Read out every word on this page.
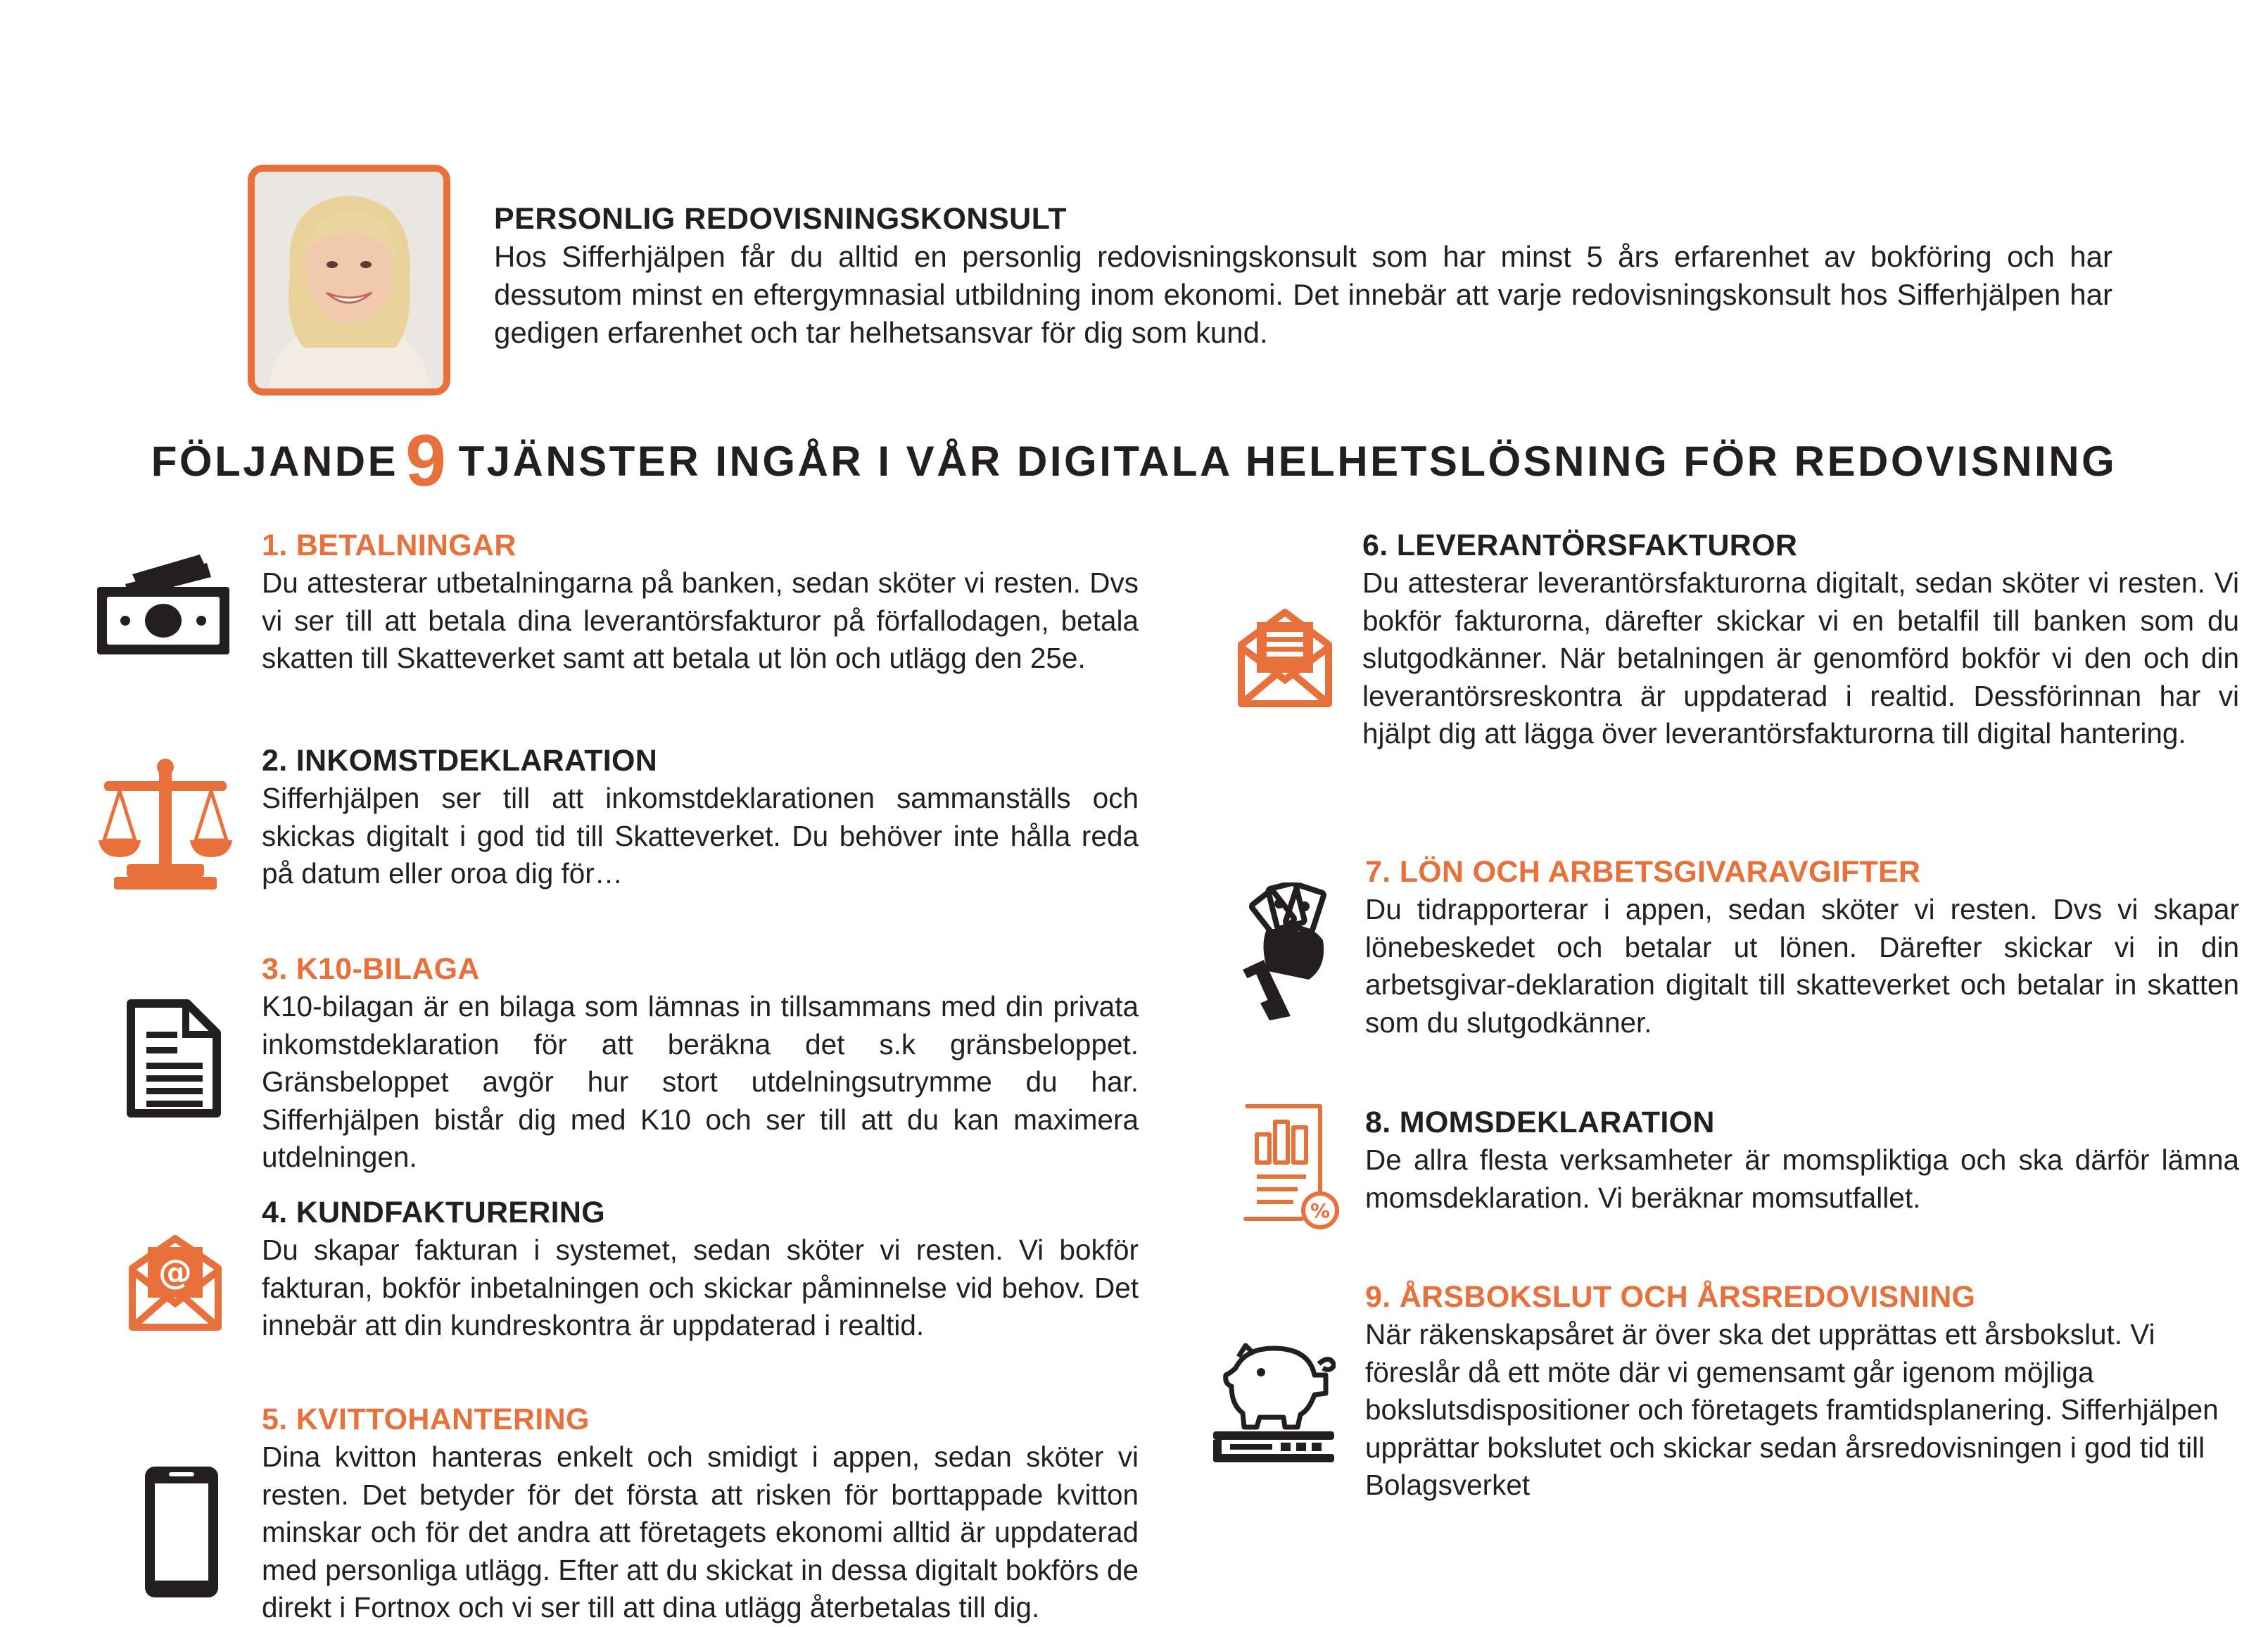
PERSONLIG REDOVISNINGSKONSULT

Hos Sifferhjälpen får du alltid en personlig redovisningskonsult som har minst 5 års erfarenhet av bokföring och har dessutom minst en eftergymnasial utbildning inom ekonomi. Det innebär att varje redovisningskonsult hos Sifferhjälpen har gedigen erfarenhet och tar helhetsansvar för dig som kund.

FÖLJANDE9 TJÄNSTER INGÅR I VÅR DIGITALA HELHETSLÖSNING FÖR REDOVISNING
1. BETALNINGAR

Du attesterar utbetalningarna på banken, sedan sköter vi resten. Dvs vi ser till att betala dina leverantörsfakturor på förfallodagen, betala skatten till Skatteverket samt att betala ut lön och utlägg den 25e.

2. INKOMSTDEKLARATION

Sifferhjälpen ser till att inkomstdeklarationen sammanställs och skickas digitalt i god tid till Skatteverket. Du behöver inte hålla reda på datum eller oroa dig för…

3. K10-BILAGA

K10-bilagan är en bilaga som lämnas in tillsammans med din privata inkomstdeklaration för att beräkna det s.k gränsbeloppet. Gränsbeloppet avgör hur stort utdelningsutrymme du har. Sifferhjälpen bistår dig med K10 och ser till att du kan maximera utdelningen.

@
4. KUNDFAKTURERING

Du skapar fakturan i systemet, sedan sköter vi resten. Vi bokför fakturan, bokför inbetalningen och skickar påminnelse vid behov. Det innebär att din kundreskontra är uppdaterad i realtid.

5. KVITTOHANTERING

Dina kvitton hanteras enkelt och smidigt i appen, sedan sköter vi resten. Det betyder för det första att risken för borttappade kvitton minskar och för det andra att företagets ekonomi alltid är uppdaterad med personliga utlägg. Efter att du skickat in dessa digitalt bokförs de direkt i Fortnox och vi ser till att dina utlägg återbetalas till dig.

6. LEVERANTÖRSFAKTUROR

Du attesterar leverantörsfakturorna digitalt, sedan sköter vi resten. Vi bokför fakturorna, därefter skickar vi en betalfil till banken som du slutgodkänner. När betalningen är genomförd bokför vi den och din leverantörsreskontra är uppdaterad i realtid. Dessförinnan har vi hjälpt dig att lägga över leverantörsfakturorna till digital hantering.

7. LÖN OCH ARBETSGIVARAVGIFTER

Du tidrapporterar i appen, sedan sköter vi resten. Dvs vi skapar lönebeskedet och betalar ut lönen. Därefter skickar vi in din arbetsgivar-deklaration digitalt till skatteverket och betalar in skatten som du slutgodkänner.

%
8. MOMSDEKLARATION

De allra flesta verksamheter är momspliktiga och ska därför lämna momsdeklaration. Vi beräknar momsutfallet.

9. ÅRSBOKSLUT OCH ÅRSREDOVISNING

När räkenskapsåret är över ska det upprättas ett årsbokslut. Vi föreslår då ett möte där vi gemensamt går igenom möjliga bokslutsdispositioner och företagets framtidsplanering. Sifferhjälpen upprättar bokslutet och skickar sedan årsredovisningen i god tid till Bolagsverket
